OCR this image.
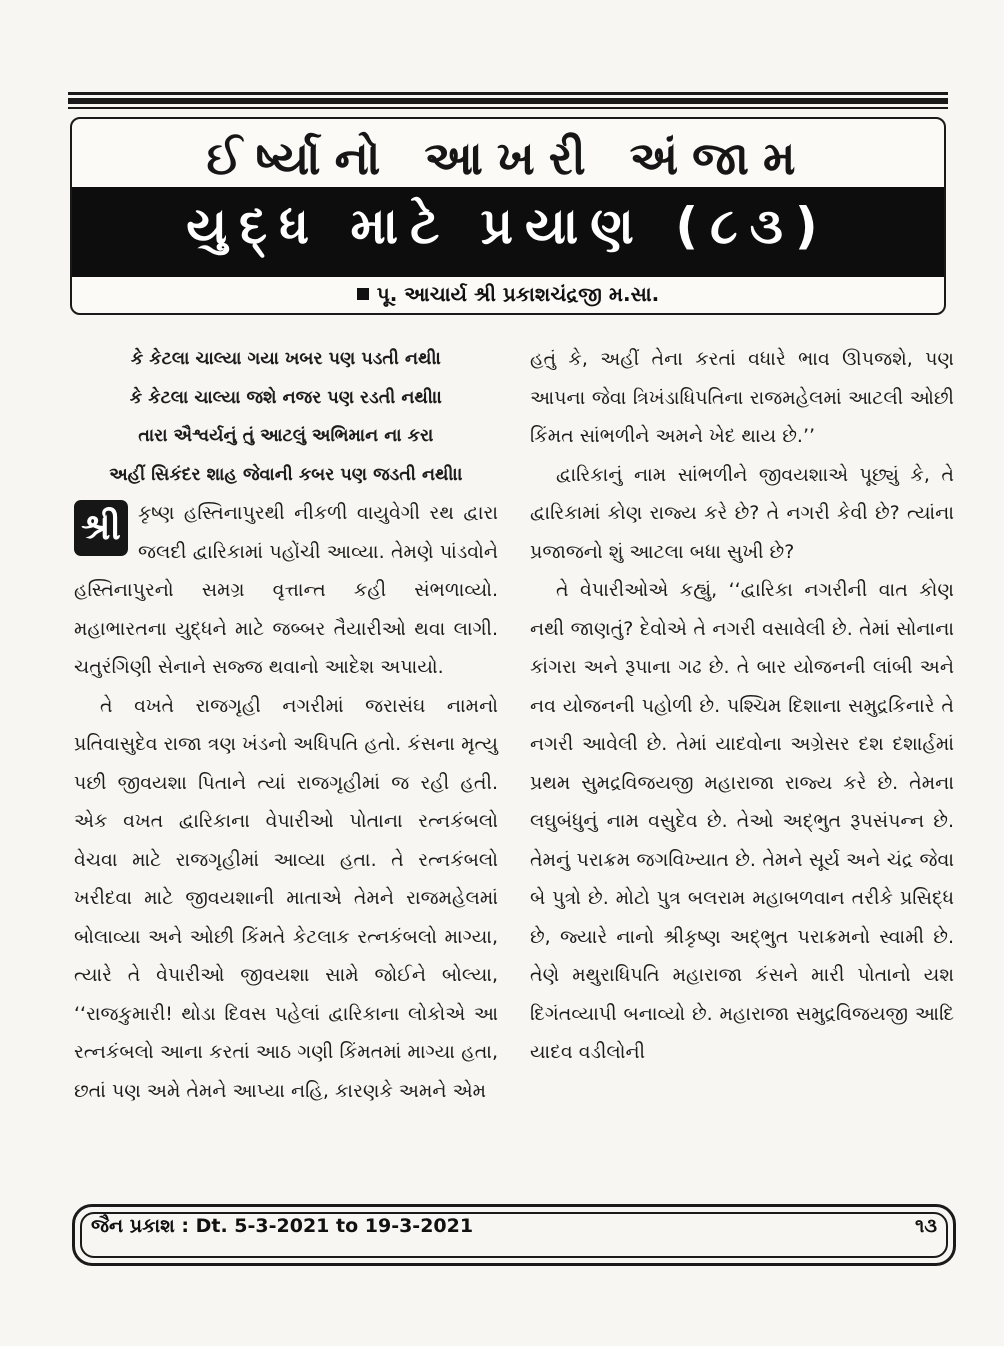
ઈર્ષ્યાનો આખરી અંજામ
યુદ્ધ માટે પ્રયાણ (૮૩)
પૂ. આચાર્ય શ્રી પ્રકાશચંદ્રજી મ.સા.
કે કેટલા ચાલ્યા ગયા ખબર પણ પડતી નથી।
કે કેટલા ચાલ્યા જશે નજર પણ રડતી નથી।।
તારા ઐશ્વર્યનું તું આટલું અભિમાન ના કર।
અહીં સિકંદર શાહ જેવાની કબર પણ જડતી નથી।।

શ્રી કૃષ્ણ હસ્તિનાપુરથી નીકળી વાયુવેગી રથ દ્વારા જલદી દ્વારિકામાં પહોંચી આવ્યા. તેમણે પાંડવોને હસ્તિનાપુરનો સમગ્ર વૃત્તાન્ત કહી સંભળાવ્યો. મહાભારતના યુદ્ધને માટે જબ્બર તૈયારીઓ થવા લાગી. ચતુરંગિણી સેનાને સજ્જ થવાનો આદેશ અપાયો.

તે વખતે રાજગૃહી નગરીમાં જરાસંઘ નામનો પ્રતિવાસુદેવ રાજા ત્રણ ખંડનો અધિપતિ હતો. કંસના મૃત્યુ પછી જીવયશા પિતાને ત્યાં રાજગૃહીમાં જ રહી હતી. એક વખત દ્વારિકાના વેપારીઓ પોતાના રત્નકંબલો વેચવા માટે રાજગૃહીમાં આવ્યા હતા. તે રત્નકંબલો ખરીદવા માટે જીવયશાની માતાએ તેમને રાજમહેલમાં બોલાવ્યા અને ઓછી કિંમતે કેટલાક રત્નકંબલો માગ્યા, ત્યારે તે વેપારીઓ જીવયશા સામે જોઈને બોલ્યા, ‘‘રાજકુમારી! થોડા દિવસ પહેલાં દ્વારિકાના લોકોએ આ રત્નકંબલો આના કરતાં આઠ ગણી કિંમતમાં માગ્યા હતા, છતાં પણ અમે તેમને આપ્યા નહિ, કારણકે અમને એમ

હતું કે, અહીં તેના કરતાં વધારે ભાવ ઊપજશે, પણ આપના જેવા ત્રિખંડાધિપતિના રાજમહેલમાં આટલી ઓછી કિંમત સાંભળીને અમને ખેદ થાય છે.’’

દ્વારિકાનું નામ સાંભળીને જીવયશાએ પૂછ્યું કે, તે દ્વારિકામાં કોણ રાજ્ય કરે છે? તે નગરી કેવી છે? ત્યાંના પ્રજાજનો શું આટલા બધા સુખી છે?

તે વેપારીઓએ કહ્યું, ‘‘દ્વારિકા નગરીની વાત કોણ નથી જાણતું? દેવોએ તે નગરી વસાવેલી છે. તેમાં સોનાના કાંગરા અને રૂપાના ગઢ છે. તે બાર યોજનની લાંબી અને નવ યોજનની પહોળી છે. પશ્ચિમ દિશાના સમુદ્રકિનારે તે નગરી આવેલી છે. તેમાં યાદવોના અગ્રેસર દશ દશાર્હમાં પ્રથમ સુમદ્રવિજયજી મહારાજા રાજ્ય કરે છે. તેમના લઘુબંધુનું નામ વસુદેવ છે. તેઓ અદ્ભુત રૂપસંપન્ન છે. તેમનું પરાક્રમ જગવિખ્યાત છે. તેમને સૂર્ય અને ચંદ્ર જેવા બે પુત્રો છે. મોટો પુત્ર બલરામ મહાબળવાન તરીકે પ્રસિદ્ધ છે, જ્યારે નાનો શ્રીકૃષ્ણ અદ્ભુત પરાક્રમનો સ્વામી છે. તેણે મથુરાધિપતિ મહારાજા કંસને મારી પોતાનો યશ દિગંતવ્યાપી બનાવ્યો છે. મહારાજા સમુદ્રવિજયજી આદિ યાદવ વડીલોની

જૈન પ્રકાશ : Dt. 5-3-2021 to 19-3-2021	૧૩
